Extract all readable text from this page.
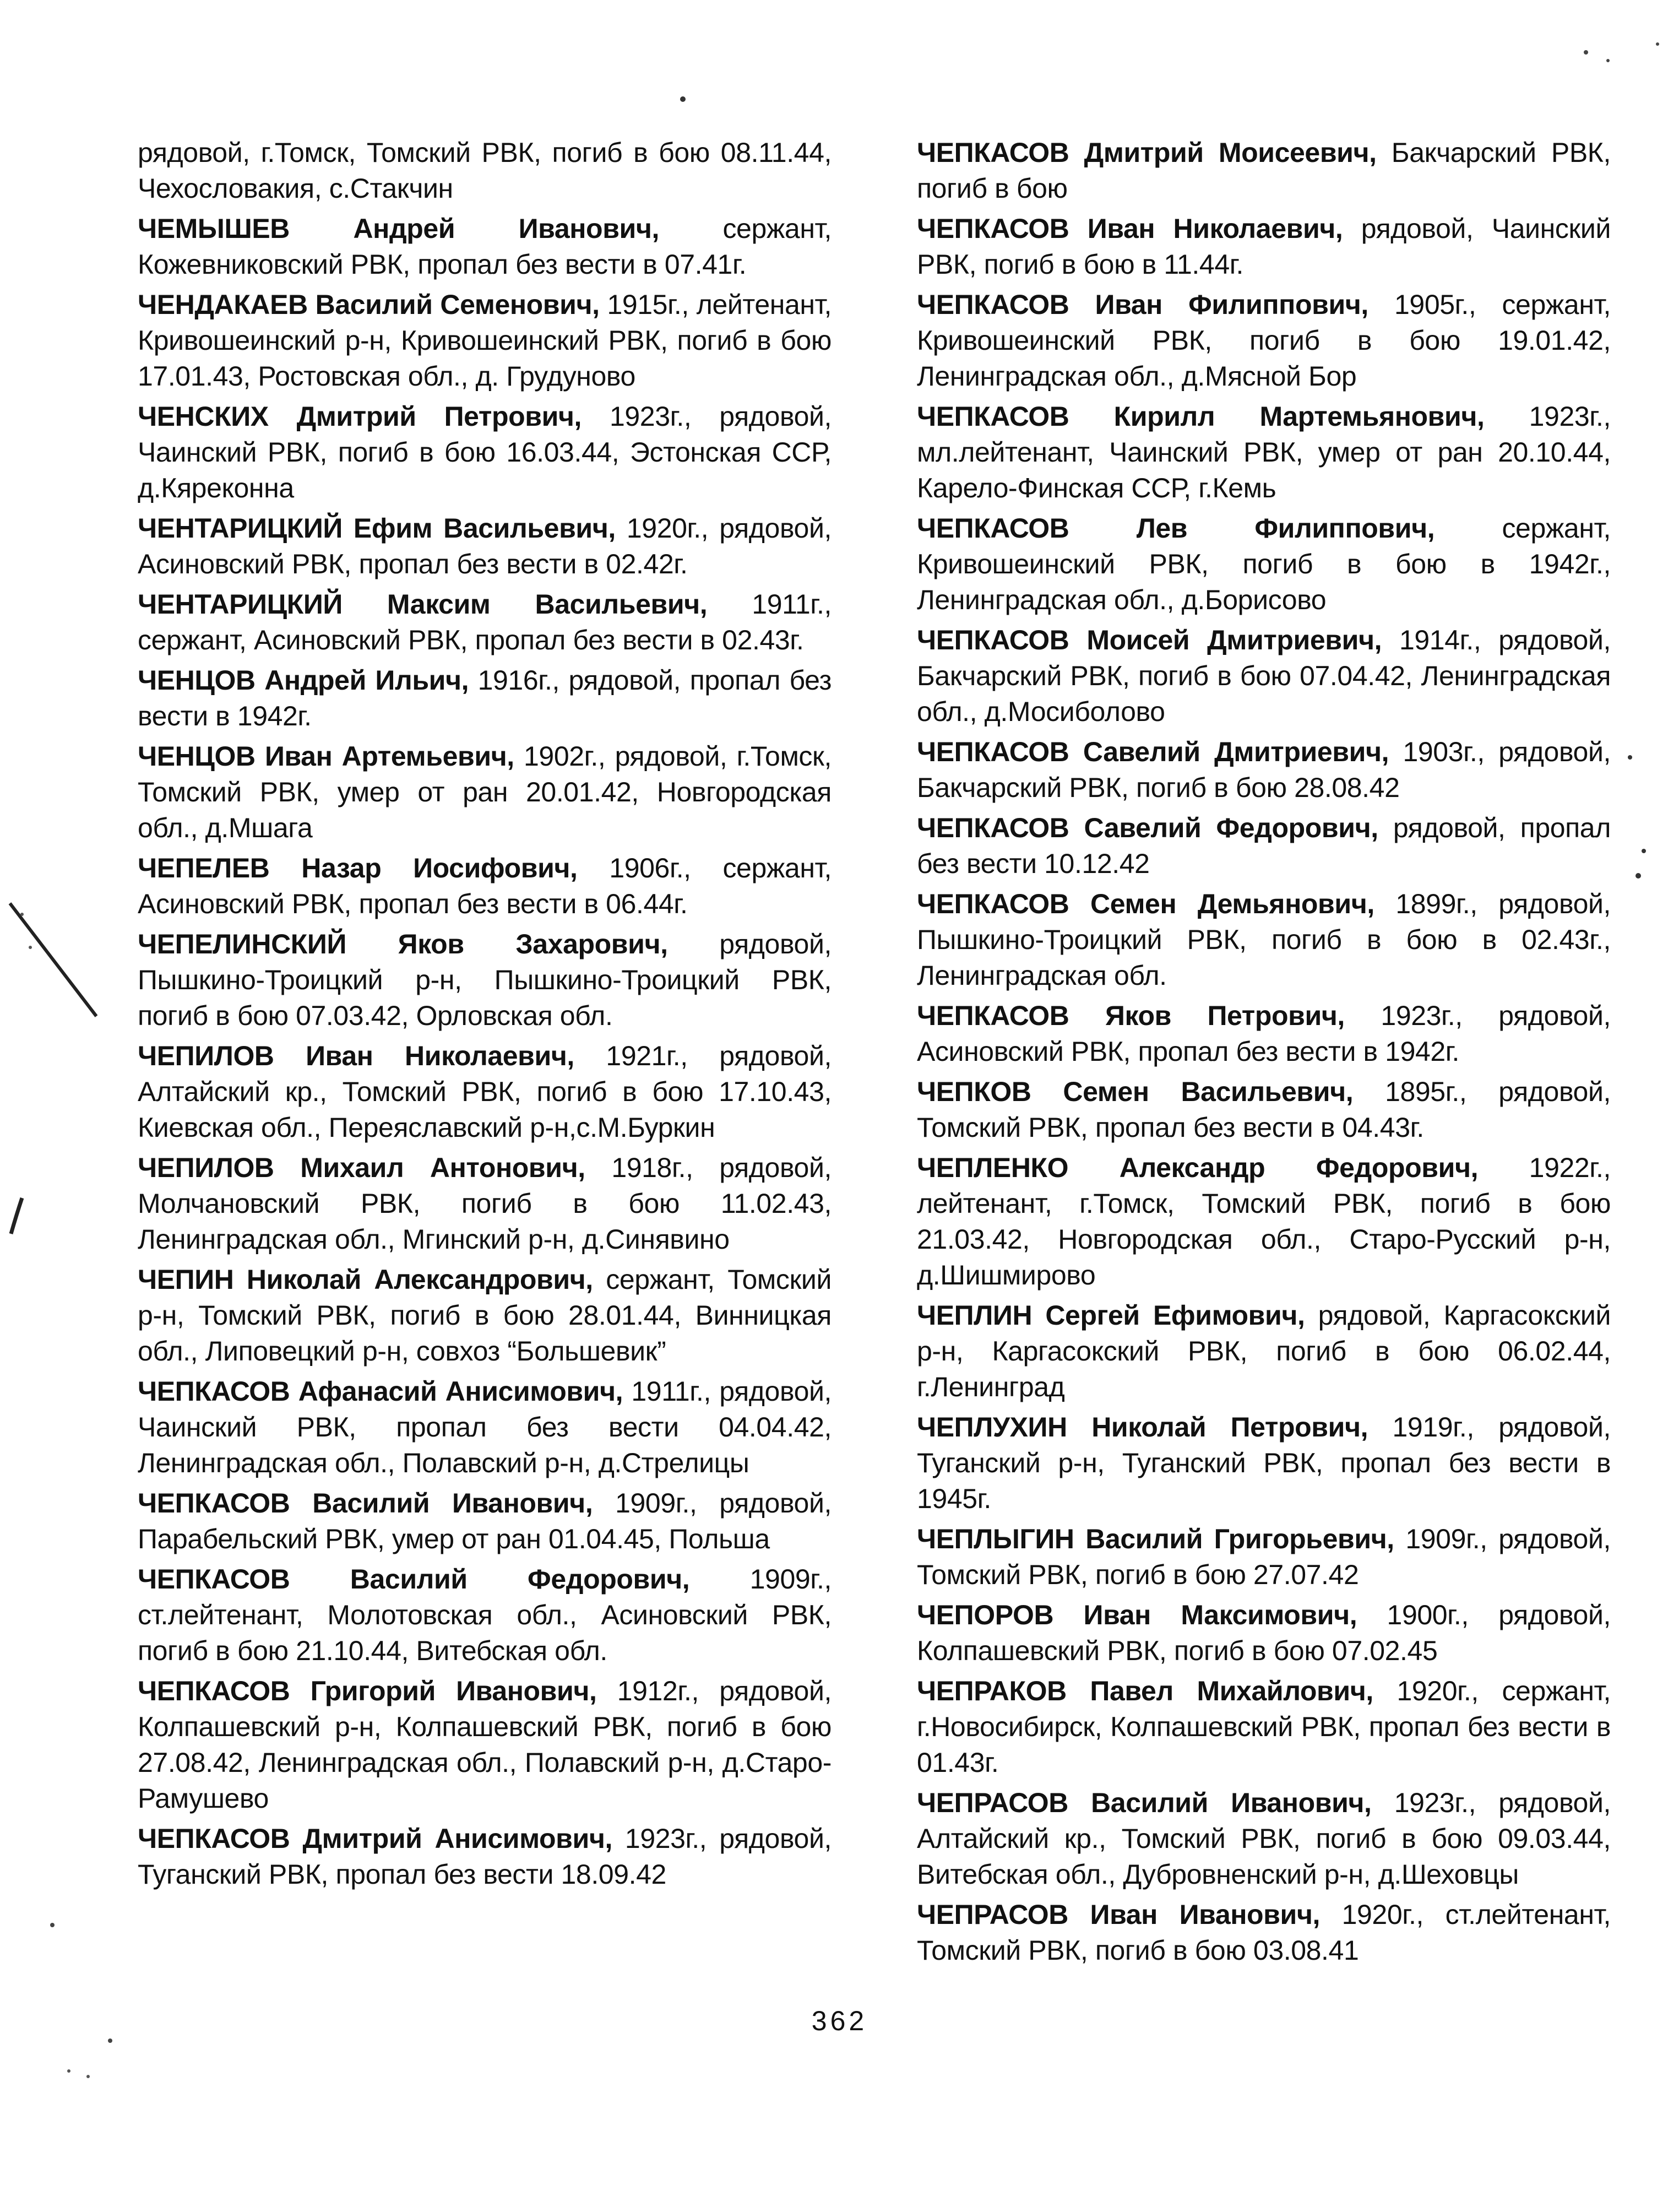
рядовой, г.Томск, Томский РВК, погиб в бою 08.11.44, Чехословакия, с.Стакчин

ЧЕМЫШЕВ Андрей Иванович, сержант, Кожевниковский РВК, пропал без вести в 07.41г.

ЧЕНДАКАЕВ Василий Семенович, 1915г., лейтенант, Кривошеинский р-н, Кривошеинский РВК, погиб в бою 17.01.43, Ростовская обл., д. Грудуново

ЧЕНСКИХ Дмитрий Петрович, 1923г., рядовой, Чаинский РВК, погиб в бою 16.03.44, Эстонская ССР, д.Кяреконна

ЧЕНТАРИЦКИЙ Ефим Васильевич, 1920г., рядовой, Асиновский РВК, пропал без вести в 02.42г.

ЧЕНТАРИЦКИЙ Максим Васильевич, 1911г., сержант, Асиновский РВК, пропал без вести в 02.43г.

ЧЕНЦОВ Андрей Ильич, 1916г., рядовой, пропал без вести в 1942г.

ЧЕНЦОВ Иван Артемьевич, 1902г., рядовой, г.Томск, Томский РВК, умер от ран 20.01.42, Новгородская обл., д.Мшага

ЧЕПЕЛЕВ Назар Иосифович, 1906г., сержант, Асиновский РВК, пропал без вести в 06.44г.

ЧЕПЕЛИНСКИЙ Яков Захарович, рядовой, Пышкино-Троицкий р-н, Пышкино-Троицкий РВК, погиб в бою 07.03.42, Орловская обл.

ЧЕПИЛОВ Иван Николаевич, 1921г., рядовой, Алтайский кр., Томский РВК, погиб в бою 17.10.43, Киевская обл., Переяславский р-н,с.М.Буркин

ЧЕПИЛОВ Михаил Антонович, 1918г., рядовой, Молчановский РВК, погиб в бою 11.02.43, Ленинградская обл., Мгинский р-н, д.Синявино

ЧЕПИН Николай Александрович, сержант, Томский р-н, Томский РВК, погиб в бою 28.01.44, Винницкая обл., Липовецкий р-н, совхоз “Большевик”

ЧЕПКАСОВ Афанасий Анисимович, 1911г., рядовой, Чаинский РВК, пропал без вести 04.04.42, Ленинградская обл., Полавский р-н, д.Стрелицы

ЧЕПКАСОВ Василий Иванович, 1909г., рядовой, Парабельский РВК, умер от ран 01.04.45, Польша

ЧЕПКАСОВ Василий Федорович, 1909г., ст.лейтенант, Молотовская обл., Асиновский РВК, погиб в бою 21.10.44, Витебская обл.

ЧЕПКАСОВ Григорий Иванович, 1912г., рядовой, Колпашевский р-н, Колпашевский РВК, погиб в бою 27.08.42, Ленинградская обл., Полавский р-н, д.Старо-Рамушево

ЧЕПКАСОВ Дмитрий Анисимович, 1923г., рядовой, Туганский РВК, пропал без вести 18.09.42

ЧЕПКАСОВ Дмитрий Моисеевич, Бакчарский РВК, погиб в бою

ЧЕПКАСОВ Иван Николаевич, рядовой, Чаинский РВК, погиб в бою в 11.44г.

ЧЕПКАСОВ Иван Филиппович, 1905г., сержант, Кривошеинский РВК, погиб в бою 19.01.42, Ленинградская обл., д.Мясной Бор

ЧЕПКАСОВ Кирилл Мартемьянович, 1923г., мл.лейтенант, Чаинский РВК, умер от ран 20.10.44, Карело-Финская ССР, г.Кемь

ЧЕПКАСОВ Лев Филиппович, сержант, Кривошеинский РВК, погиб в бою в 1942г., Ленинградская обл., д.Борисово

ЧЕПКАСОВ Моисей Дмитриевич, 1914г., рядовой, Бакчарский РВК, погиб в бою 07.04.42, Ленинградская обл., д.Мосиболово

ЧЕПКАСОВ Савелий Дмитриевич, 1903г., рядовой, Бакчарский РВК, погиб в бою 28.08.42

ЧЕПКАСОВ Савелий Федорович, рядовой, пропал без вести 10.12.42

ЧЕПКАСОВ Семен Демьянович, 1899г., рядовой, Пышкино-Троицкий РВК, погиб в бою в 02.43г., Ленинградская обл.

ЧЕПКАСОВ Яков Петрович, 1923г., рядовой, Асиновский РВК, пропал без вести в 1942г.

ЧЕПКОВ Семен Васильевич, 1895г., рядовой, Томский РВК, пропал без вести в 04.43г.

ЧЕПЛЕНКО Александр Федорович, 1922г., лейтенант, г.Томск, Томский РВК, погиб в бою 21.03.42, Новгородская обл., Старо-Русский р-н, д.Шишмирово

ЧЕПЛИН Сергей Ефимович, рядовой, Каргасокский р-н, Каргасокский РВК, погиб в бою 06.02.44, г.Ленинград

ЧЕПЛУХИН Николай Петрович, 1919г., рядовой, Туганский р-н, Туганский РВК, пропал без вести в 1945г.

ЧЕПЛЫГИН Василий Григорьевич, 1909г., рядовой, Томский РВК, погиб в бою 27.07.42

ЧЕПОРОВ Иван Максимович, 1900г., рядовой, Колпашевский РВК, погиб в бою 07.02.45

ЧЕПРАКОВ Павел Михайлович, 1920г., сержант, г.Новосибирск, Колпашевский РВК, пропал без вести в 01.43г.

ЧЕПРАСОВ Василий Иванович, 1923г., рядовой, Алтайский кр., Томский РВК, погиб в бою 09.03.44, Витебская обл., Дубровненский р-н, д.Шеховцы

ЧЕПРАСОВ Иван Иванович, 1920г., ст.лейтенант, Томский РВК, погиб в бою 03.08.41

362
